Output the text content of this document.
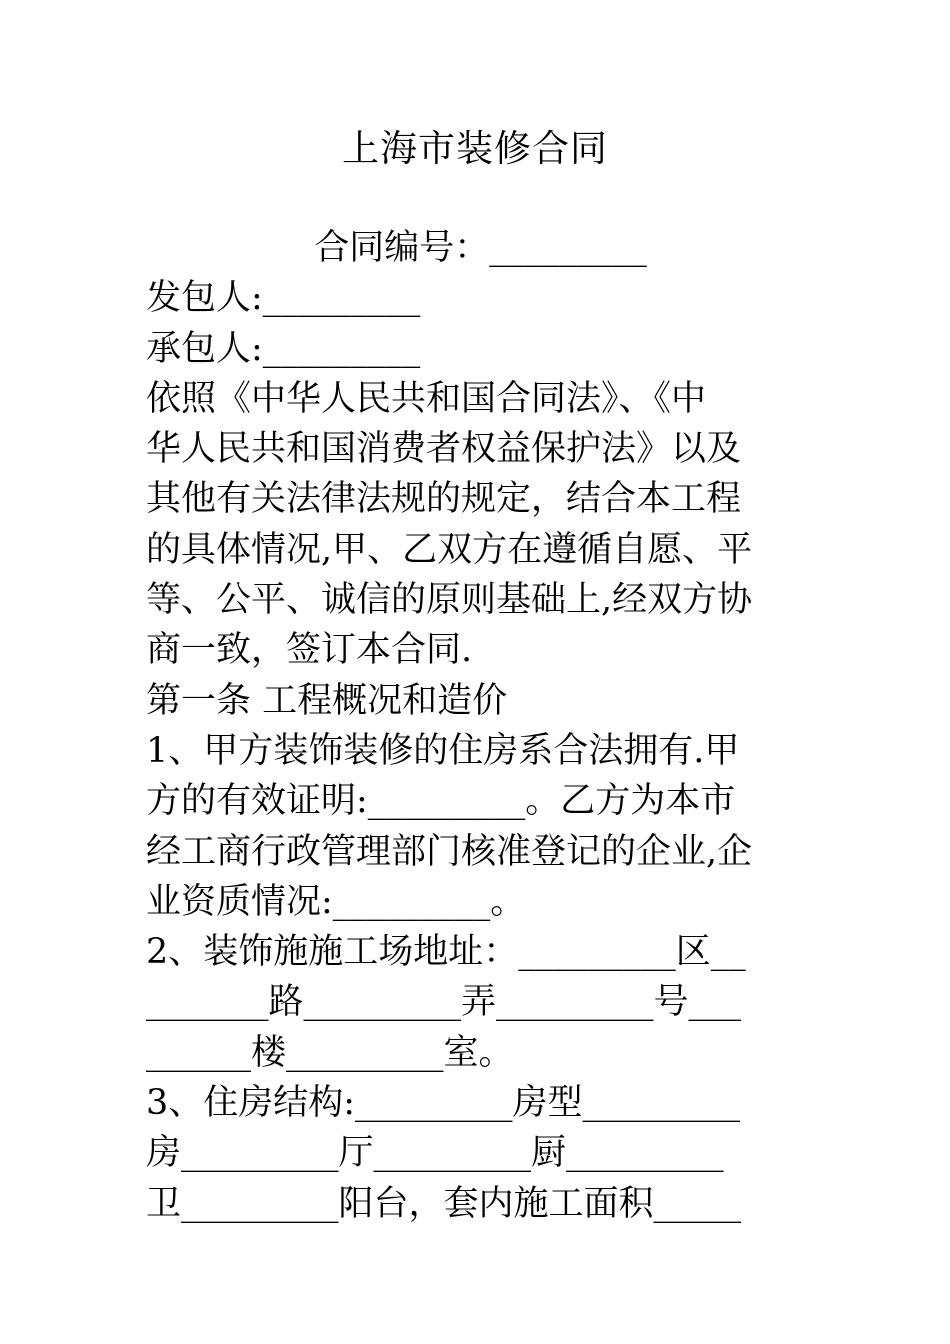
上海市装修合同
合同编号：_________
发包人:_________
承包人:_________
依照《中华人民共和国合同法》、《中
华人民共和国消费者权益保护法》以及
其他有关法律法规的规定，结合本工程
的具体情况,甲、乙双方在遵循自愿、平
等、公平、诚信的原则基础上,经双方协
商一致，签订本合同.
第一条 工程概况和造价
1、甲方装饰装修的住房系合法拥有.甲
方的有效证明:_________。乙方为本市
经工商行政管理部门核准登记的企业,企
业资质情况:_________。
2、装饰施施工场地址：_________区__
_______路_________弄_________号___
______楼_________室。
3、住房结构:_________房型_________
房_________厅_________厨_________
卫_________阳台，套内施工面积_____
